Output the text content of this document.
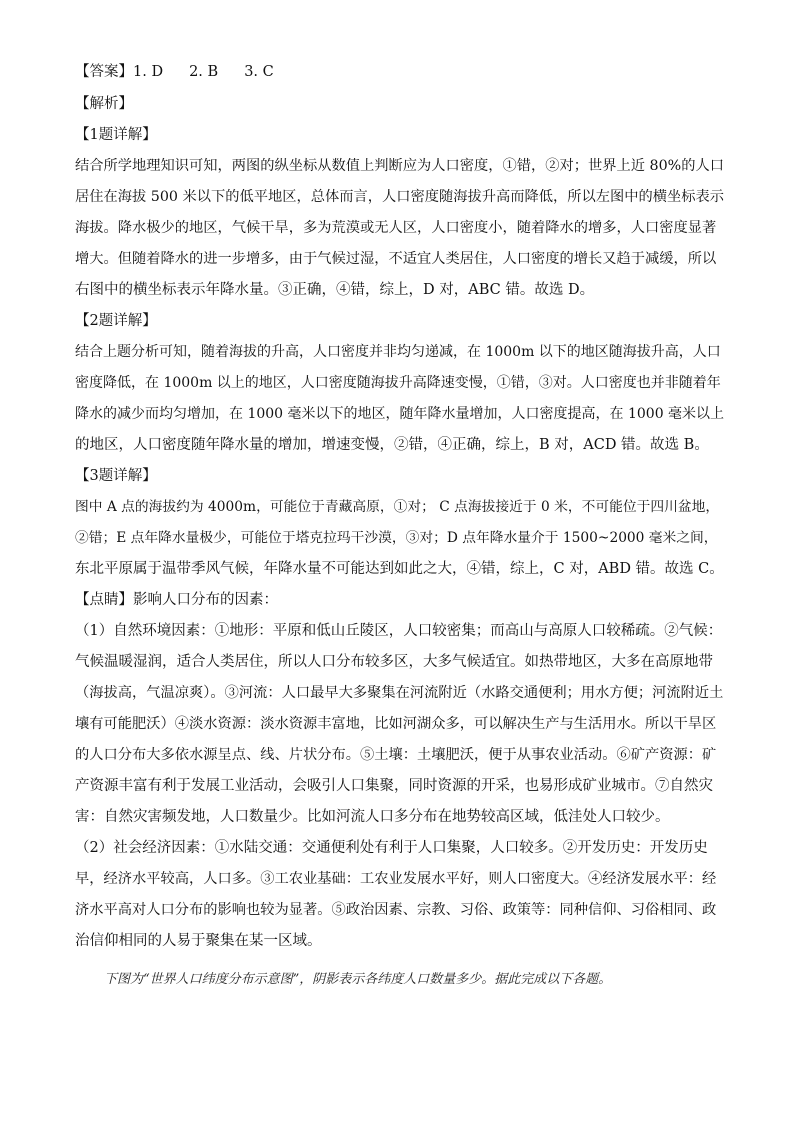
【答案】1. D 2. B 3. C
【解析】
【1题详解】
结合所学地理知识可知，两图的纵坐标从数值上判断应为人口密度，①错，②对；世界上近 80%的人口
居住在海拔 500 米以下的低平地区，总体而言，人口密度随海拔升高而降低，所以左图中的横坐标表示
海拔。降水极少的地区，气候干旱，多为荒漠或无人区，人口密度小，随着降水的增多，人口密度显著
增大。但随着降水的进一步增多，由于气候过湿，不适宜人类居住，人口密度的增长又趋于减缓，所以
右图中的横坐标表示年降水量。③正确，④错，综上，D 对，ABC 错。故选 D。
【2题详解】
结合上题分析可知，随着海拔的升高，人口密度并非均匀递减，在 1000m 以下的地区随海拔升高，人口
密度降低，在 1000m 以上的地区，人口密度随海拔升高降速变慢，①错，③对。人口密度也并非随着年
降水的减少而均匀增加，在 1000 毫米以下的地区，随年降水量增加，人口密度提高，在 1000 毫米以上
的地区，人口密度随年降水量的增加，增速变慢，②错，④正确，综上，B 对，ACD 错。故选 B。
【3题详解】
图中 A 点的海拔约为 4000m，可能位于青藏高原，①对； C 点海拔接近于 0 米，不可能位于四川盆地，
②错；E 点年降水量极少，可能位于塔克拉玛干沙漠，③对；D 点年降水量介于 1500~2000 毫米之间，
东北平原属于温带季风气候，年降水量不可能达到如此之大，④错，综上，C 对，ABD 错。故选 C。
【点睛】影响人口分布的因素：
（1）自然环境因素：①地形：平原和低山丘陵区，人口较密集；而高山与高原人口较稀疏。②气候：
气候温暖湿润，适合人类居住，所以人口分布较多区，大多气候适宜。如热带地区，大多在高原地带
（海拔高，气温凉爽）。③河流：人口最早大多聚集在河流附近（水路交通便利；用水方便；河流附近土
壤有可能肥沃）④淡水资源：淡水资源丰富地，比如河湖众多，可以解决生产与生活用水。所以干旱区
的人口分布大多依水源呈点、线、片状分布。⑤土壤：土壤肥沃，便于从事农业活动。⑥矿产资源：矿
产资源丰富有利于发展工业活动，会吸引人口集聚，同时资源的开采，也易形成矿业城市。⑦自然灾
害：自然灾害频发地，人口数量少。比如河流人口多分布在地势较高区域，低洼处人口较少。
（2）社会经济因素：①水陆交通：交通便利处有利于人口集聚，人口较多。②开发历史：开发历史
早，经济水平较高，人口多。③工农业基础：工农业发展水平好，则人口密度大。④经济发展水平：经
济水平高对人口分布的影响也较为显著。⑤政治因素、宗教、习俗、政策等：同种信仰、习俗相同、政
治信仰相同的人易于聚集在某一区域。
下图为“世界人口纬度分布示意图”，阴影表示各纬度人口数量多少。据此完成以下各题。
